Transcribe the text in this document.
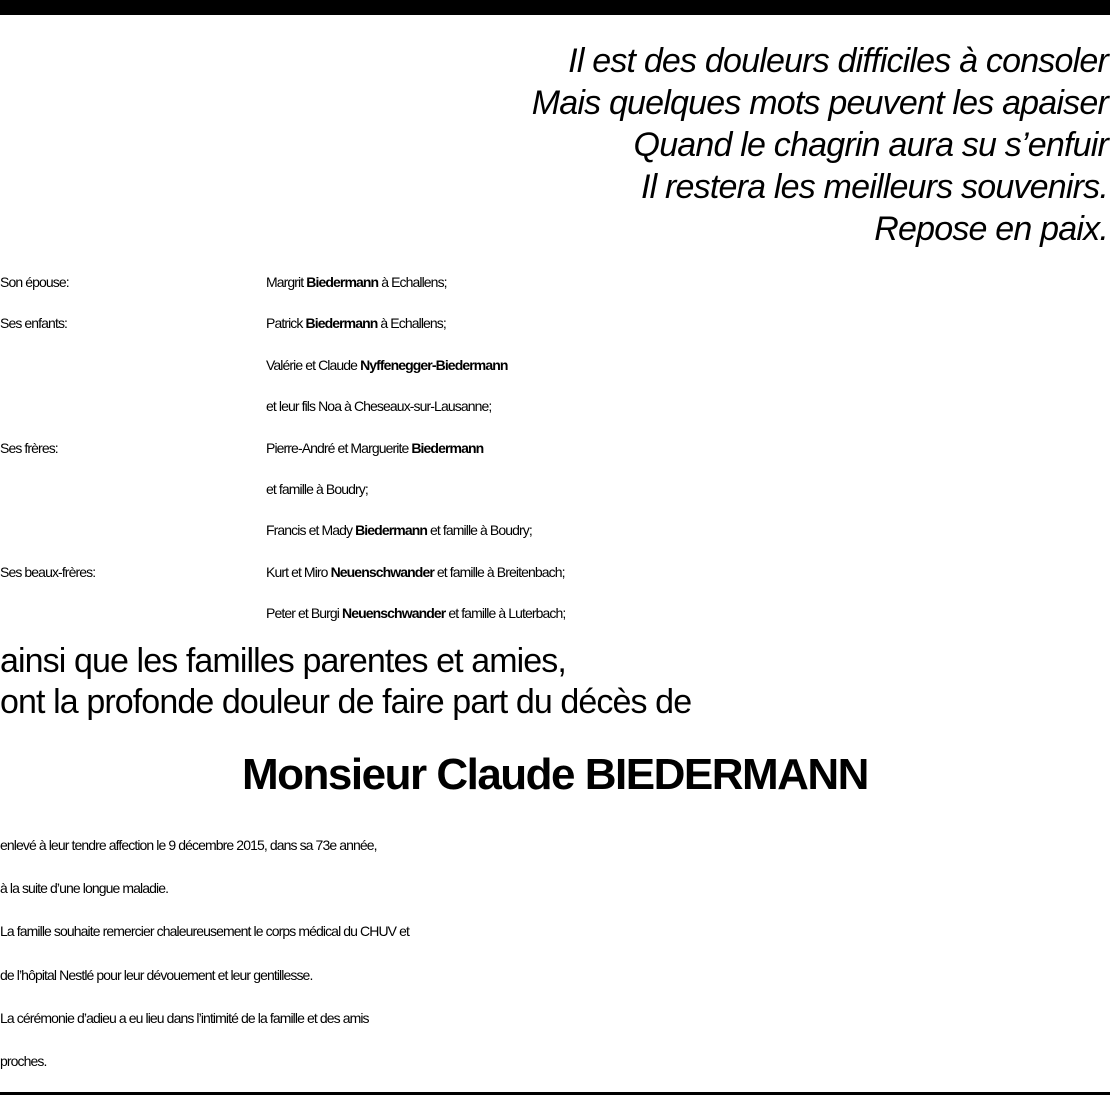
Il est des douleurs difficiles à consoler
Mais quelques mots peuvent les apaiser
Quand le chagrin aura su s’enfuir
Il restera les meilleurs souvenirs.
Repose en paix.
Son épouse:	Margrit Biedermann à Echallens;
Ses enfants:	Patrick Biedermann à Echallens;
Valérie et Claude Nyffenegger-Biedermann
et leur fils Noa à Cheseaux-sur-Lausanne;
Ses frères:	Pierre-André et Marguerite Biedermann
et famille à Boudry;
Francis et Mady Biedermann et famille à Boudry;
Ses beaux-frères:	Kurt et Miro Neuenschwander et famille à Breitenbach;
Peter et Burgi Neuenschwander et famille à Luterbach;
ainsi que les familles parentes et amies,
ont la profonde douleur de faire part du décès de
Monsieur Claude BIEDERMANN
enlevé à leur tendre affection le 9 décembre 2015, dans sa 73e année,
à la suite d’une longue maladie.
La famille souhaite remercier chaleureusement le corps médical du CHUV et
de l’hôpital Nestlé pour leur dévouement et leur gentillesse.
La cérémonie d’adieu a eu lieu dans l’intimité de la famille et des amis
proches.
